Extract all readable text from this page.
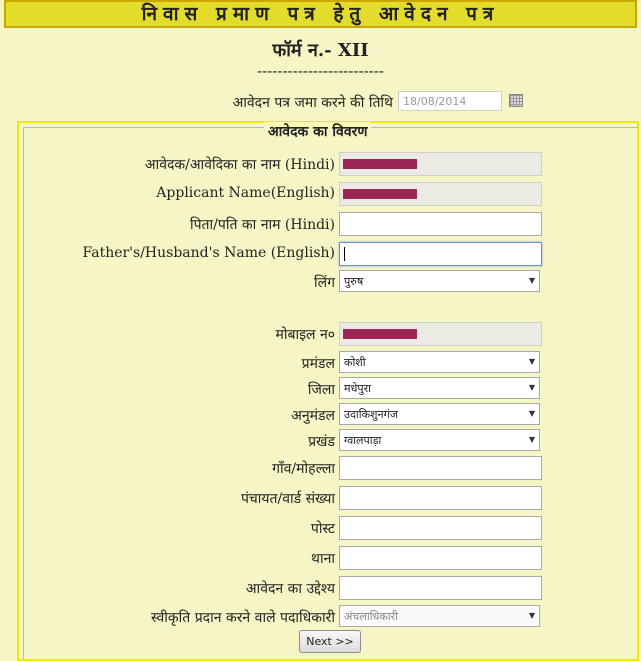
निवास प्रमाण पत्र हेतु आवेदन पत्र
फॉर्म न.- XII
-------------------------
आवेदन पत्र जमा करने की तिथि 18/08/2014
आवेदक का विवरण
आवेदक/आवेदिका का नाम (Hindi)
Applicant Name(English)
पिता/पति का नाम (Hindi)
Father's/Husband's Name (English)
लिंग पुरुष	▼
मोबाइल न०
प्रमंडल कोशी	▼
जिला मधेपुरा	▼
अनुमंडल उदाकिशुनगंज	▼
प्रखंड ग्वालपाड़ा	▼
गाँव/मोहल्ला
पंचायत/वार्ड संख्या
पोस्ट
थाना
आवेदन का उद्देश्य
स्वीकृति प्रदान करने वाले पदाधिकारी अंचलाधिकारी	▼
Next >>
